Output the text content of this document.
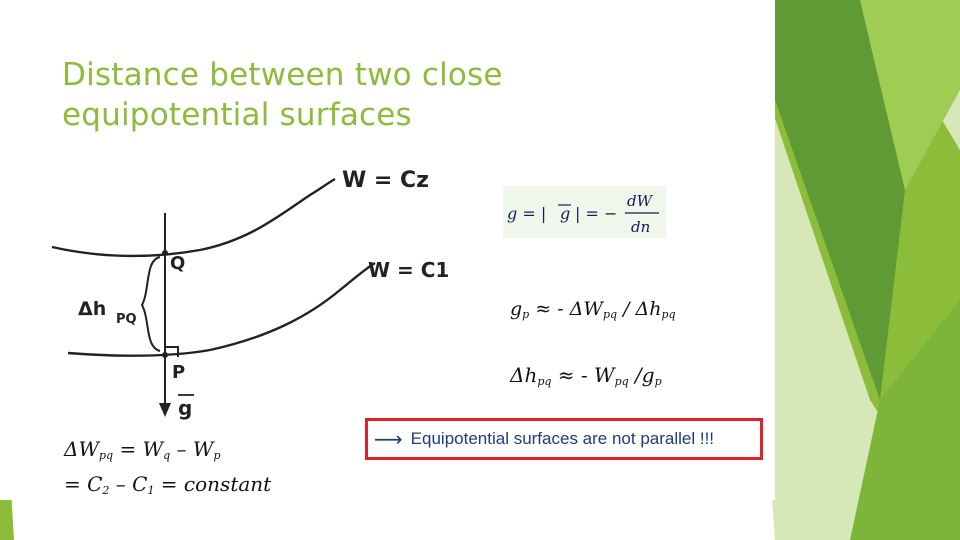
Distance between two close
equipotential surfaces
W = Cz
W = C1
Q
P
Δh PQ
g
g = | g | = −
dW
dn
$g_p$ ≈ - $\Delta W_{pq} / \Delta h_{pq}$
$\Delta h_{pq}$ ≈ - $W_{pq}$ $/g_p$
$\Delta W_{pq} = W_q - W_p$
= $C_2 - C_1$ = constant
⟶ Equipotential surfaces are not parallel !!!
